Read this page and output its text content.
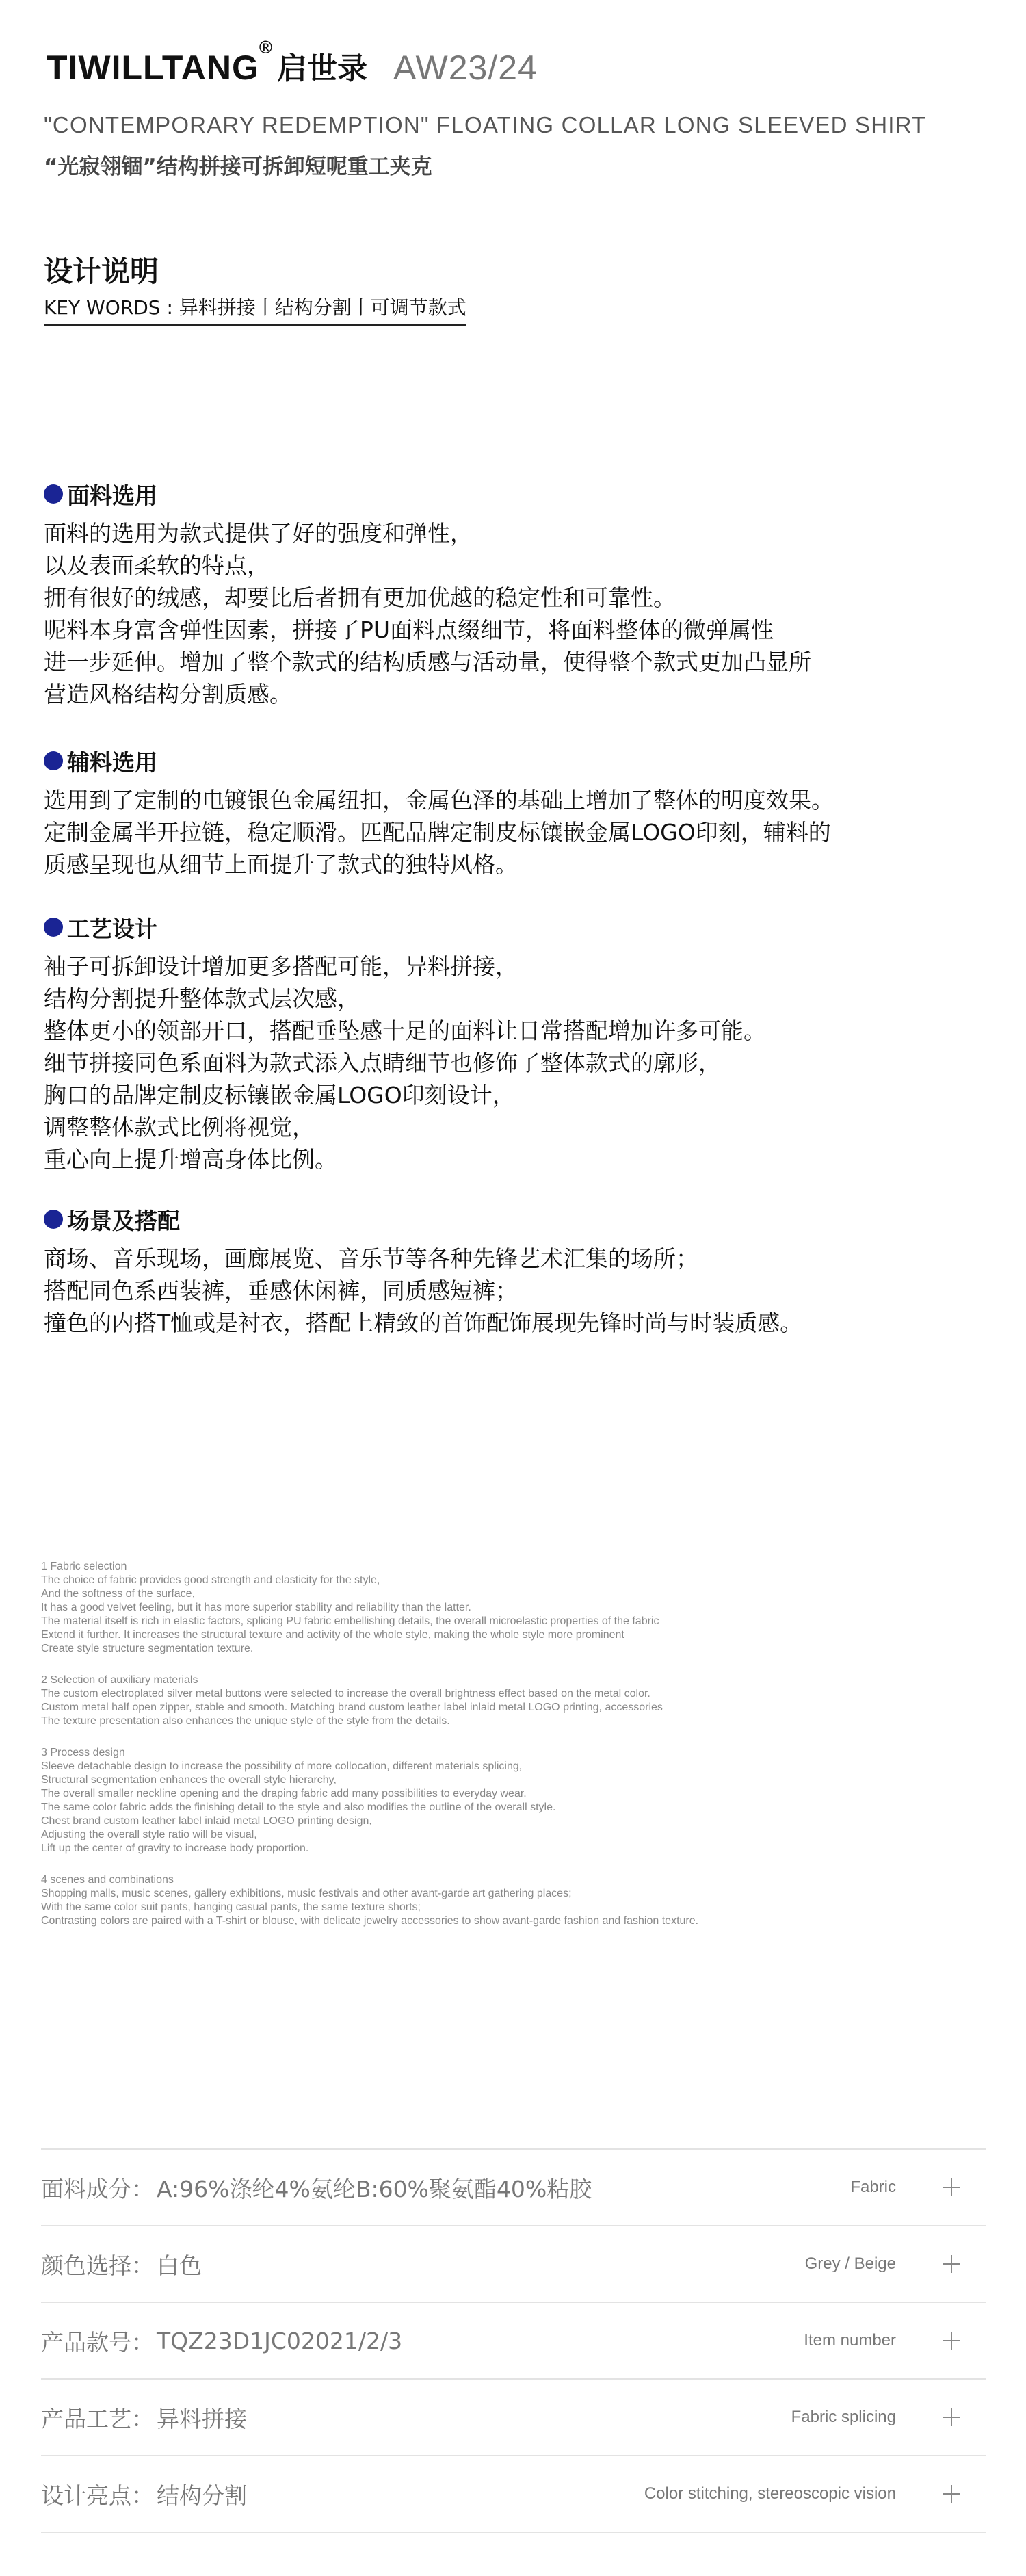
TIWILLTANG®
启世录 AW23/24
"CONTEMPORARY REDEMPTION" FLOATING COLLAR LONG SLEEVED SHIRT
“光寂翎锢”结构拼接可拆卸短呢重工夹克
设计说明
KEY WORDS : 异料拼接丨结构分割丨可调节款式
面料选用
面料的选用为款式提供了好的强度和弹性，
以及表面柔软的特点，
拥有很好的绒感，却要比后者拥有更加优越的稳定性和可靠性。
呢料本身富含弹性因素，拼接了PU面料点缀细节，将面料整体的微弹属性
进一步延伸。增加了整个款式的结构质感与活动量，使得整个款式更加凸显所
营造风格结构分割质感。
辅料选用
选用到了定制的电镀银色金属纽扣，金属色泽的基础上增加了整体的明度效果。
定制金属半开拉链，稳定顺滑。匹配品牌定制皮标镶嵌金属LOGO印刻，辅料的
质感呈现也从细节上面提升了款式的独特风格。
工艺设计
袖子可拆卸设计增加更多搭配可能，异料拼接，
结构分割提升整体款式层次感，
整体更小的领部开口，搭配垂坠感十足的面料让日常搭配增加许多可能。
细节拼接同色系面料为款式添入点睛细节也修饰了整体款式的廓形，
胸口的品牌定制皮标镶嵌金属LOGO印刻设计，
调整整体款式比例将视觉，
重心向上提升增高身体比例。
场景及搭配
商场、音乐现场，画廊展览、音乐节等各种先锋艺术汇集的场所；
搭配同色系西装裤，垂感休闲裤，同质感短裤；
撞色的内搭T恤或是衬衣，搭配上精致的首饰配饰展现先锋时尚与时装质感。
1 Fabric selection
The choice of fabric provides good strength and elasticity for the style,
And the softness of the surface,
It has a good velvet feeling, but it has more superior stability and reliability than the latter.
The material itself is rich in elastic factors, splicing PU fabric embellishing details, the overall microelastic properties of the fabric
Extend it further. It increases the structural texture and activity of the whole style, making the whole style more prominent
Create style structure segmentation texture.
2 Selection of auxiliary materials
The custom electroplated silver metal buttons were selected to increase the overall brightness effect based on the metal color.
Custom metal half open zipper, stable and smooth. Matching brand custom leather label inlaid metal LOGO printing, accessories
The texture presentation also enhances the unique style of the style from the details.
3 Process design
Sleeve detachable design to increase the possibility of more collocation, different materials splicing,
Structural segmentation enhances the overall style hierarchy,
The overall smaller neckline opening and the draping fabric add many possibilities to everyday wear.
The same color fabric adds the finishing detail to the style and also modifies the outline of the overall style.
Chest brand custom leather label inlaid metal LOGO printing design,
Adjusting the overall style ratio will be visual,
Lift up the center of gravity to increase body proportion.
4 scenes and combinations
Shopping malls, music scenes, gallery exhibitions, music festivals and other avant-garde art gathering places;
With the same color suit pants, hanging casual pants, the same texture shorts;
Contrasting colors are paired with a T-shirt or blouse, with delicate jewelry accessories to show avant-garde fashion and fashion texture.
面料成分： A:96%涤纶4%氨纶B:60%聚氨酯40%粘胶	Fabric
颜色选择： 白色	Grey / Beige
产品款号： TQZ23D1JC02021/2/3	Item number
产品工艺： 异料拼接	Fabric splicing
设计亮点： 结构分割	Color stitching, stereoscopic vision
